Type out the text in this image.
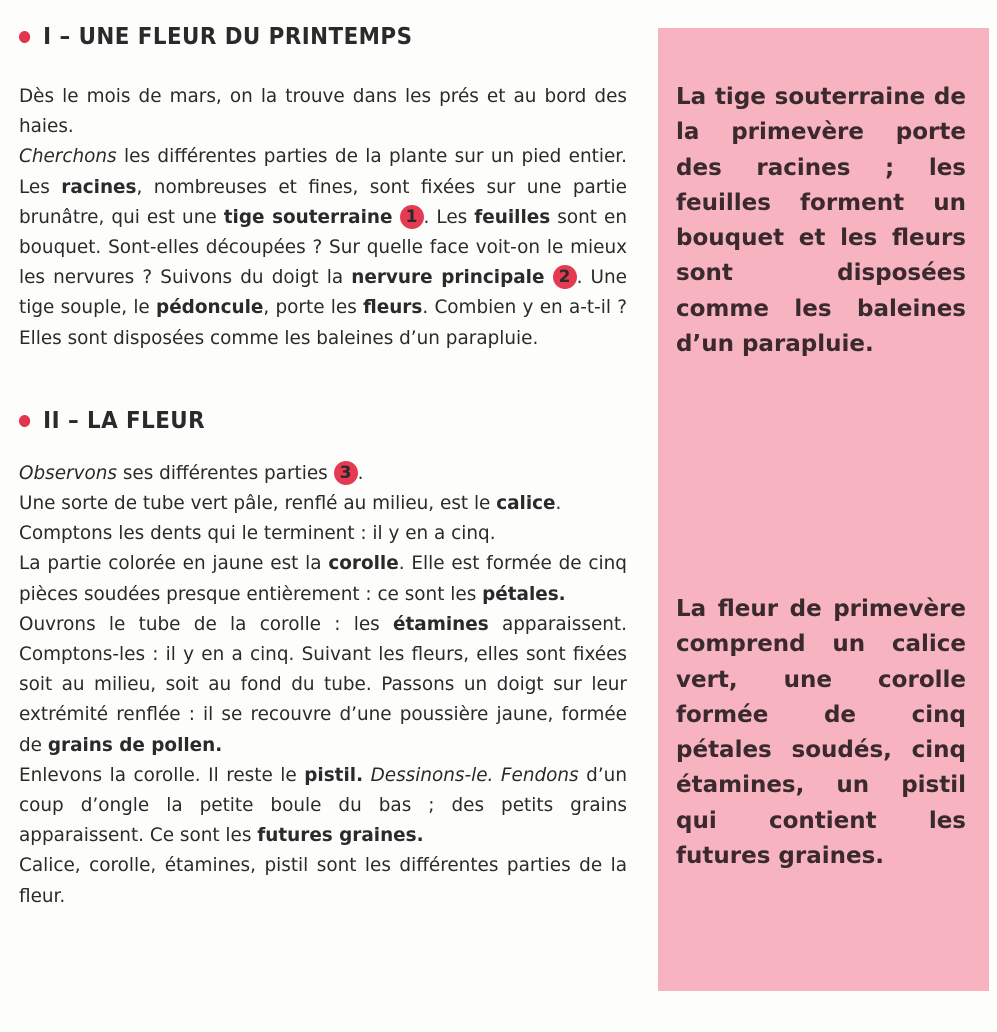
I – UNE FLEUR DU PRINTEMPS

Dès le mois de mars, on la trouve dans les prés et au bord des haies.
Cherchons les différentes parties de la plante sur un pied entier. Les racines, nombreuses et fines, sont fixées sur une partie brunâtre, qui est une tige souterraine 1 . Les feuilles sont en bouquet. Sont-elles découpées ? Sur quelle face voit-on le mieux les nervures ? Suivons du doigt la nervure principale 2 . Une tige souple, le pédoncule, porte les fleurs. Combien y en a-t-il ? Elles sont disposées comme les baleines d’un parapluie.

II – LA FLEUR

Observons ses différentes parties 3 .
Une sorte de tube vert pâle, renflé au milieu, est le calice.
Comptons les dents qui le terminent : il y en a cinq.
La partie colorée en jaune est la corolle. Elle est formée de cinq pièces soudées presque entièrement : ce sont les pétales.
Ouvrons le tube de la corolle : les étamines apparaissent. Comptons-les : il y en a cinq. Suivant les fleurs, elles sont fixées soit au milieu, soit au fond du tube. Passons un doigt sur leur extrémité renflée : il se recouvre d’une poussière jaune, formée de grains de pollen.
Enlevons la corolle. Il reste le pistil. Dessinons-le. Fendons d’un coup d’ongle la petite boule du bas ; des petits grains apparaissent. Ce sont les futures graines.
Calice, corolle, étamines, pistil sont les différentes parties de la fleur.

La tige souterraine de la primevère porte des racines ; les feuilles forment un bouquet et les fleurs sont disposées comme les baleines d’un parapluie.
La fleur de primevère comprend un calice vert, une corolle formée de cinq pétales soudés, cinq étamines, un pistil qui contient les futures graines.
